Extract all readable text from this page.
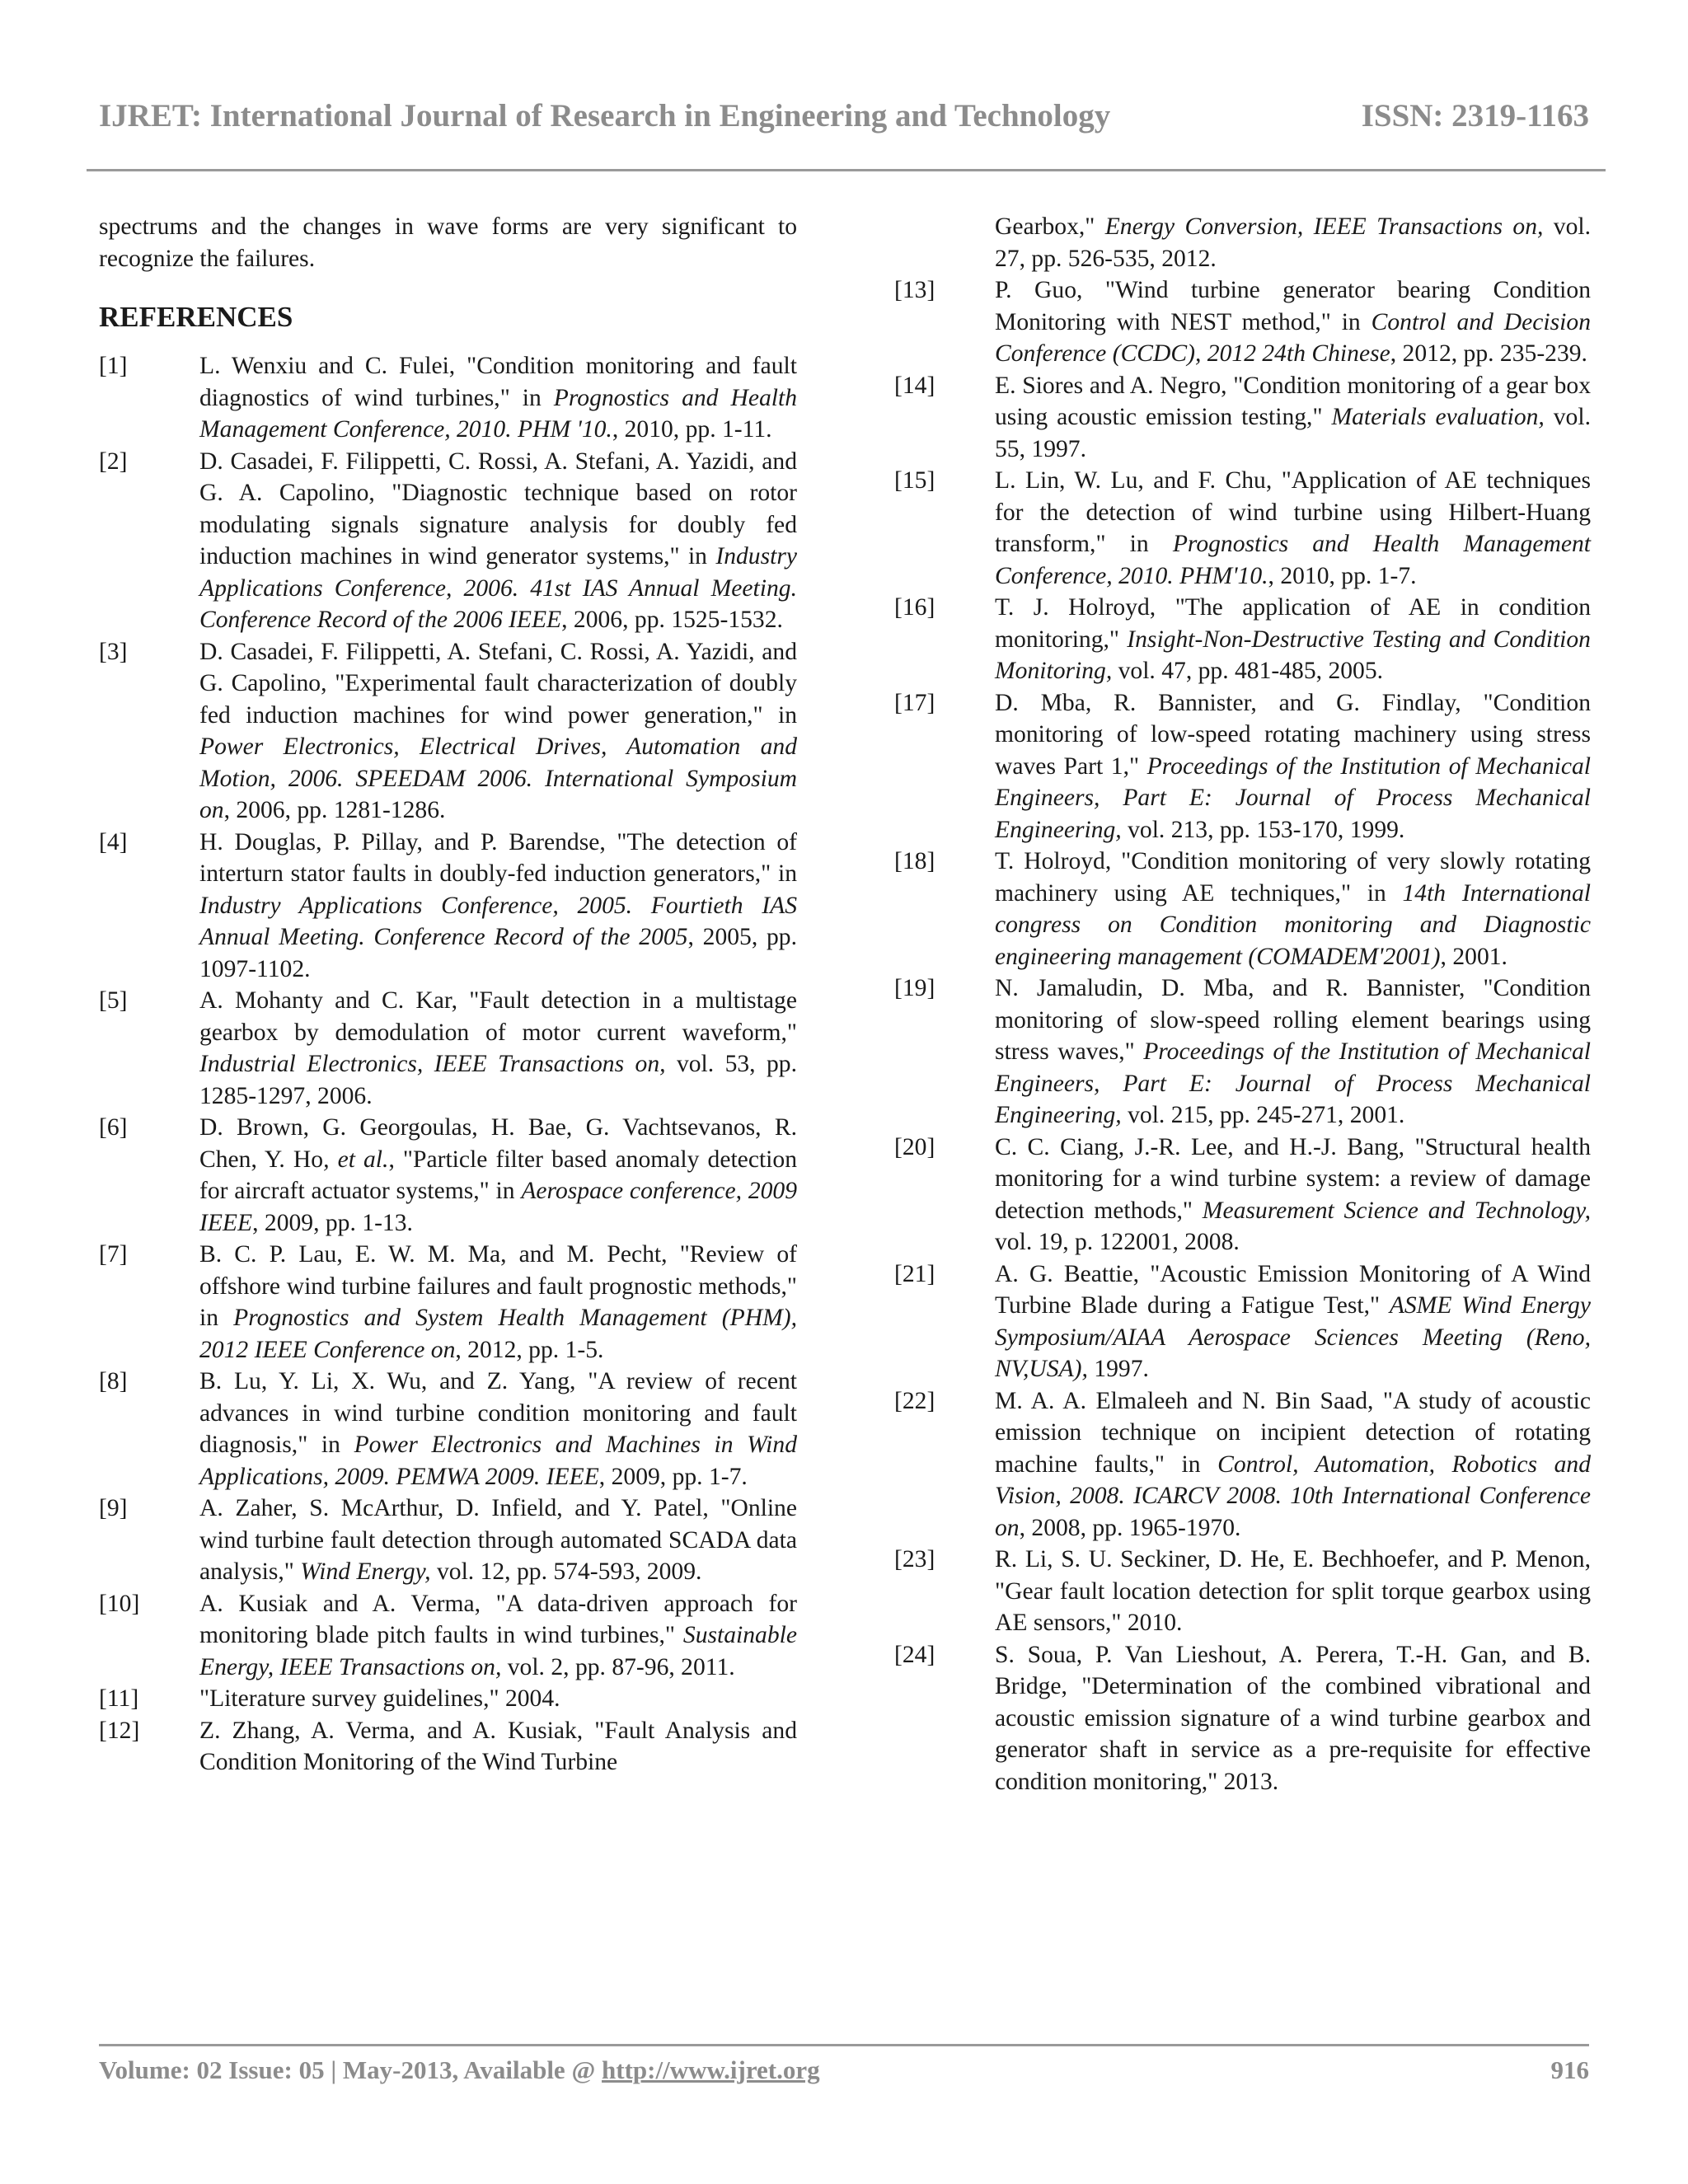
IJRET: International Journal of Research in Engineering and Technology	ISSN: 2319-1163

spectrums and the changes in wave forms are very significant to recognize the failures.

REFERENCES
[1]	L. Wenxiu and C. Fulei, "Condition monitoring and fault diagnostics of wind turbines," in Prognostics and Health Management Conference, 2010. PHM '10., 2010, pp. 1-11.
[2]	D. Casadei, F. Filippetti, C. Rossi, A. Stefani, A. Yazidi, and G. A. Capolino, "Diagnostic technique based on rotor modulating signals signature analysis for doubly fed induction machines in wind generator systems," in Industry Applications Conference, 2006. 41st IAS Annual Meeting. Conference Record of the 2006 IEEE, 2006, pp. 1525-1532.
[3]	D. Casadei, F. Filippetti, A. Stefani, C. Rossi, A. Yazidi, and G. Capolino, "Experimental fault characterization of doubly fed induction machines for wind power generation," in Power Electronics, Electrical Drives, Automation and Motion, 2006. SPEEDAM 2006. International Symposium on, 2006, pp. 1281-1286.
[4]	H. Douglas, P. Pillay, and P. Barendse, "The detection of interturn stator faults in doubly-fed induction generators," in Industry Applications Conference, 2005. Fourtieth IAS Annual Meeting. Conference Record of the 2005, 2005, pp. 1097-1102.
[5]	A. Mohanty and C. Kar, "Fault detection in a multistage gearbox by demodulation of motor current waveform," Industrial Electronics, IEEE Transactions on, vol. 53, pp. 1285-1297, 2006.
[6]	D. Brown, G. Georgoulas, H. Bae, G. Vachtsevanos, R. Chen, Y. Ho, et al., "Particle filter based anomaly detection for aircraft actuator systems," in Aerospace conference, 2009 IEEE, 2009, pp. 1-13.
[7]	B. C. P. Lau, E. W. M. Ma, and M. Pecht, "Review of offshore wind turbine failures and fault prognostic methods," in Prognostics and System Health Management (PHM), 2012 IEEE Conference on, 2012, pp. 1-5.
[8]	B. Lu, Y. Li, X. Wu, and Z. Yang, "A review of recent advances in wind turbine condition monitoring and fault diagnosis," in Power Electronics and Machines in Wind Applications, 2009. PEMWA 2009. IEEE, 2009, pp. 1-7.
[9]	A. Zaher, S. McArthur, D. Infield, and Y. Patel, "Online wind turbine fault detection through automated SCADA data analysis," Wind Energy, vol. 12, pp. 574-593, 2009.
[10]	A. Kusiak and A. Verma, "A data-driven approach for monitoring blade pitch faults in wind turbines," Sustainable Energy, IEEE Transactions on, vol. 2, pp. 87-96, 2011.
[11]	"Literature survey guidelines," 2004.
[12]	Z. Zhang, A. Verma, and A. Kusiak, "Fault Analysis and Condition Monitoring of the Wind Turbine
Gearbox," Energy Conversion, IEEE Transactions on, vol. 27, pp. 526-535, 2012.
[13]	P. Guo, "Wind turbine generator bearing Condition Monitoring with NEST method," in Control and Decision Conference (CCDC), 2012 24th Chinese, 2012, pp. 235-239.
[14]	E. Siores and A. Negro, "Condition monitoring of a gear box using acoustic emission testing," Materials evaluation, vol. 55, 1997.
[15]	L. Lin, W. Lu, and F. Chu, "Application of AE techniques for the detection of wind turbine using Hilbert-Huang transform," in Prognostics and Health Management Conference, 2010. PHM'10., 2010, pp. 1-7.
[16]	T. J. Holroyd, "The application of AE in condition monitoring," Insight-Non-Destructive Testing and Condition Monitoring, vol. 47, pp. 481-485, 2005.
[17]	D. Mba, R. Bannister, and G. Findlay, "Condition monitoring of low-speed rotating machinery using stress waves Part 1," Proceedings of the Institution of Mechanical Engineers, Part E: Journal of Process Mechanical Engineering, vol. 213, pp. 153-170, 1999.
[18]	T. Holroyd, "Condition monitoring of very slowly rotating machinery using AE techniques," in 14th International congress on Condition monitoring and Diagnostic engineering management (COMADEM'2001), 2001.
[19]	N. Jamaludin, D. Mba, and R. Bannister, "Condition monitoring of slow-speed rolling element bearings using stress waves," Proceedings of the Institution of Mechanical Engineers, Part E: Journal of Process Mechanical Engineering, vol. 215, pp. 245-271, 2001.
[20]	C. C. Ciang, J.-R. Lee, and H.-J. Bang, "Structural health monitoring for a wind turbine system: a review of damage detection methods," Measurement Science and Technology, vol. 19, p. 122001, 2008.
[21]	A. G. Beattie, "Acoustic Emission Monitoring of A Wind Turbine Blade during a Fatigue Test," ASME Wind Energy Symposium/AIAA Aerospace Sciences Meeting (Reno, NV,USA), 1997.
[22]	M. A. A. Elmaleeh and N. Bin Saad, "A study of acoustic emission technique on incipient detection of rotating machine faults," in Control, Automation, Robotics and Vision, 2008. ICARCV 2008. 10th International Conference on, 2008, pp. 1965-1970.
[23]	R. Li, S. U. Seckiner, D. He, E. Bechhoefer, and P. Menon, "Gear fault location detection for split torque gearbox using AE sensors," 2010.
[24]	S. Soua, P. Van Lieshout, A. Perera, T.-H. Gan, and B. Bridge, "Determination of the combined vibrational and acoustic emission signature of a wind turbine gearbox and generator shaft in service as a pre-requisite for effective condition monitoring," 2013.
Volume: 02 Issue: 05 | May-2013, Available @ http://www.ijret.org	916
